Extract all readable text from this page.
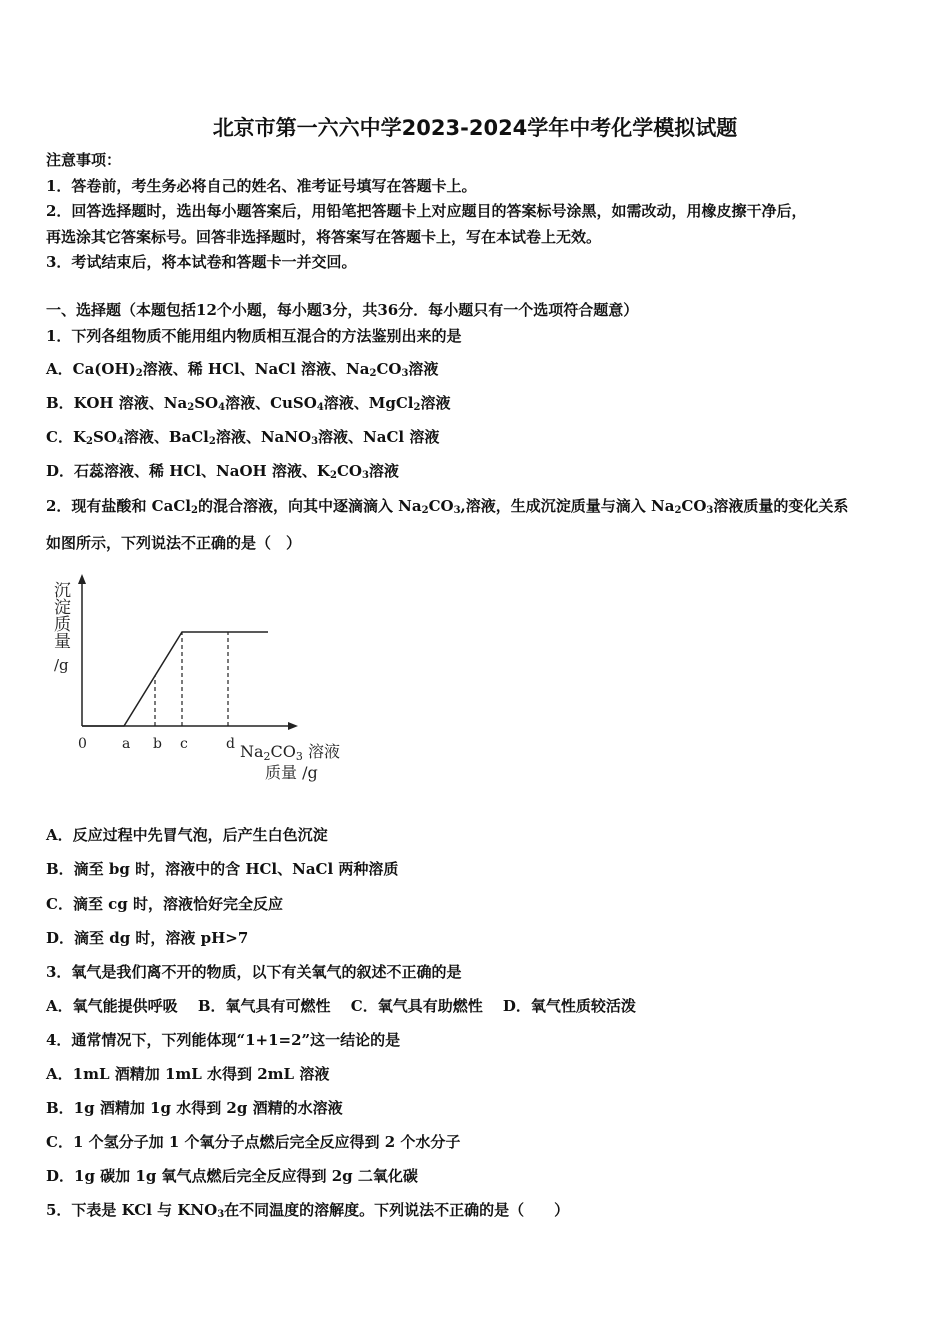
北京市第一六六中学2023-2024学年中考化学模拟试题
注意事项：
1．答卷前，考生务必将自己的姓名、准考证号填写在答题卡上。
2．回答选择题时，选出每小题答案后，用铅笔把答题卡上对应题目的答案标号涂黑，如需改动，用橡皮擦干净后，
再选涂其它答案标号。回答非选择题时，将答案写在答题卡上，写在本试卷上无效。
3．考试结束后，将本试卷和答题卡一并交回。
一、选择题（本题包括12个小题，每小题3分，共36分．每小题只有一个选项符合题意）
1．下列各组物质不能用组内物质相互混合的方法鉴别出来的是
A．$Ca(OH)_2$溶液、稀 HCl、NaCl 溶液、$Na_2CO_3$溶液
B．KOH 溶液、$Na_2SO_4$溶液、CuSO$_4$溶液、MgCl$_2$溶液
C．$K_2SO_4$溶液、BaCl$_2$溶液、NaNO$_3$溶液、NaCl 溶液
D．石蕊溶液、稀 HCl、NaOH 溶液、$K_2CO_3$溶液
2．现有盐酸和 CaCl$_2$的混合溶液，向其中逐滴滴入 $Na_2CO_3$,溶液，生成沉淀质量与滴入 $Na_2CO_3$溶液质量的变化关系
如图所示，下列说法不正确的是（　）
沉
淀
质
量
/g
0	a b c	d Na2CO3 溶液
质量 /g
A．反应过程中先冒气泡，后产生白色沉淀
B．滴至 bg 时，溶液中的含 HCl、NaCl 两种溶质
C．滴至 cg 时，溶液恰好完全反应
D．滴至 dg 时，溶液 pH>7
3．氧气是我们离不开的物质，以下有关氧气的叙述不正确的是
A．氧气能提供呼吸　 B．氧气具有可燃性　 C．氧气具有助燃性　 D．氧气性质较活泼
4．通常情况下，下列能体现“1+1=2”这一结论的是
A．1mL 酒精加 1mL 水得到 2mL 溶液
B．1g 酒精加 1g 水得到 2g 酒精的水溶液
C．1 个氢分子加 1 个氧分子点燃后完全反应得到 2 个水分子
D．1g 碳加 1g 氧气点燃后完全反应得到 2g 二氧化碳
5．下表是 KCl 与 $KNO_3$在不同温度的溶解度。下列说法不正确的是（　　）
